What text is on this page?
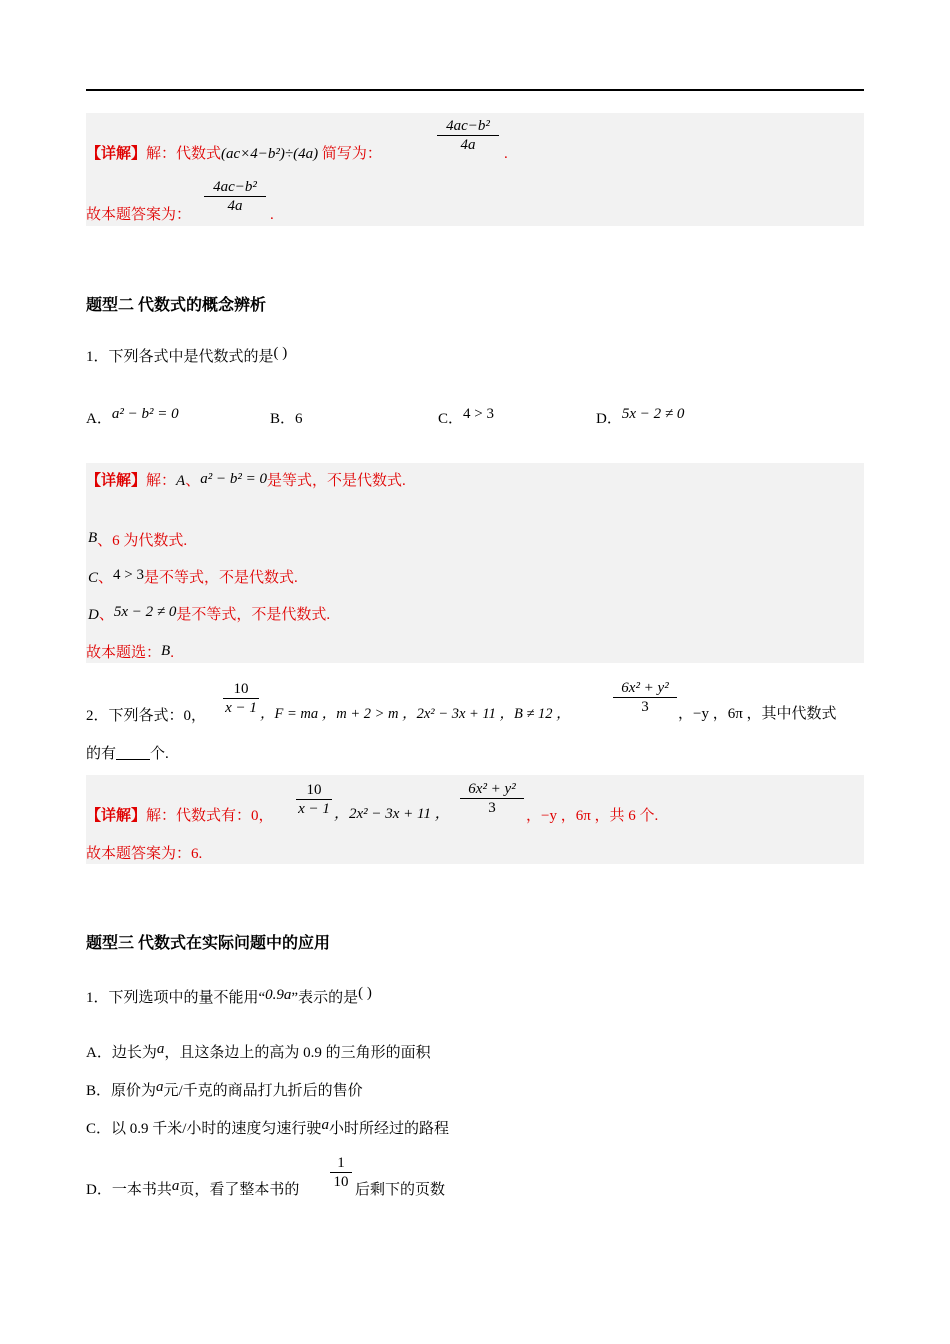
【详解】解：代数式(ac×4−b²)÷(4a) 简写为：
4ac−b²
4a
.
故本题答案为：
4ac−b²
4a
.
题型二 代数式的概念辨析
1．下列各式中是代数式的是( )
A．a² − b² = 0	B．6	C．4 > 3	D．5x − 2 ≠ 0
【详解】解：A、a² − b² = 0是等式，不是代数式.
B、6 为代数式.
C、4 > 3是不等式，不是代数式.
D、5x − 2 ≠ 0是不等式，不是代数式.
故本题选：B.
2．下列各式：0，
10
x − 1 ，F = ma ，m + 2 > m ，2x² − 3x + 11 ，B ≠ 12 ，
6x² + y²
3	，−y ，6π ，其中代数式
的有 个.
【详解】解：代数式有：0，
10
x − 1 ，2x² − 3x + 11 ，
6x² + y²
3	，−y ，6π ，共 6 个.
故本题答案为：6.
题型三 代数式在实际问题中的应用
1．下列选项中的量不能用“0.9a”表示的是( )
A．边长为a，且这条边上的高为 0.9 的三角形的面积
B．原价为a元/千克的商品打九折后的售价
C．以 0.9 千米/小时的速度匀速行驶a小时所经过的路程
D．一本书共a页，看了整本书的
1
10 后剩下的页数
